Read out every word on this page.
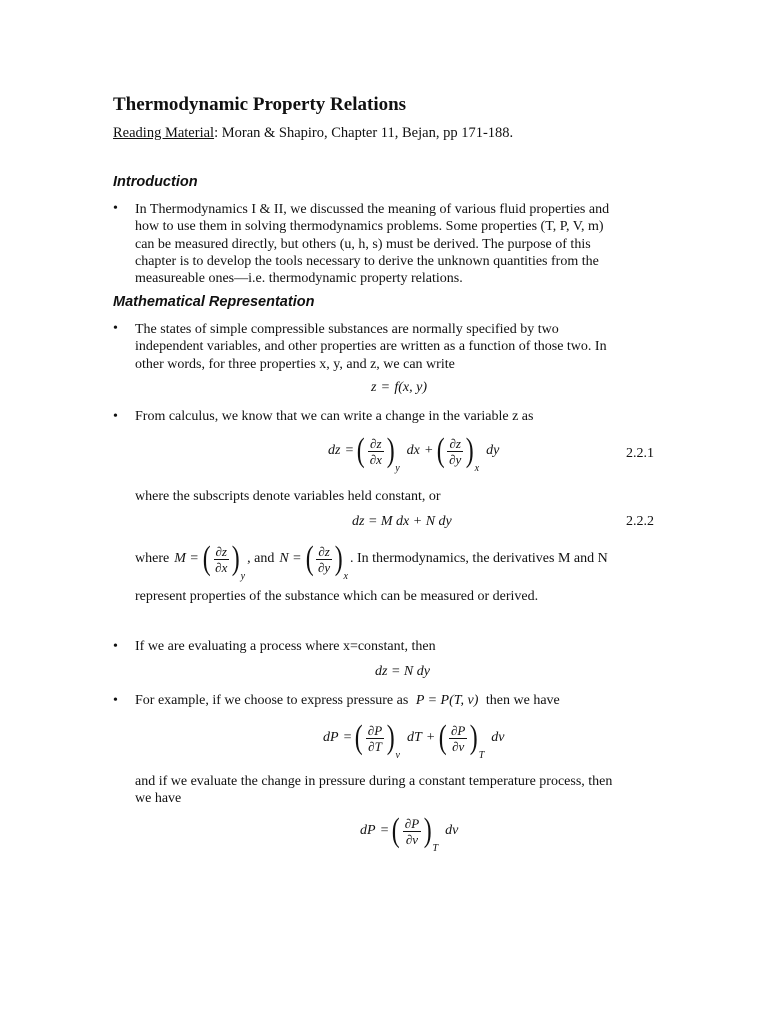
Thermodynamic Property Relations
Reading Material: Moran & Shapiro, Chapter 11, Bejan, pp 171-188.
Introduction
• In Thermodynamics I & II, we discussed the meaning of various fluid properties and
how to use them in solving thermodynamics problems. Some properties (T, P, V, m)
can be measured directly, but others (u, h, s) must be derived. The purpose of this
chapter is to develop the tools necessary to derive the unknown quantities from the
measureable ones—i.e. thermodynamic property relations.
Mathematical Representation
• The states of simple compressible substances are normally specified by two
independent variables, and other properties are written as a function of those two. In
other words, for three properties x, y, and z, we can write
z = f(x, y)
• From calculus, we know that we can write a change in the variable z as
dz = ( $\frac{\partial z}{\partial x}$ ) y
dx + ( $\frac{\partial z}{\partial y}$ ) x
dy	2.2.1
where the subscripts denote variables held constant, or
dz = M dx + N dy	2.2.2
where M = ( $\frac{\partial z}{\partial x}$ ) y
, and N = ( $\frac{\partial z}{\partial y}$ ) x
. In thermodynamics, the derivatives M and N
represent properties of the substance which can be measured or derived.
• If we are evaluating a process where x=constant, then
dz = N dy
• For example, if we choose to express pressure as P = P(T, v) then we have
dP = ( $\frac{\partial P}{\partial T}$ ) v
dT + ( $\frac{\partial P}{\partial v}$ ) T
dv
and if we evaluate the change in pressure during a constant temperature process, then
we have
dP = ( $\frac{\partial P}{\partial v}$ ) T
dv
